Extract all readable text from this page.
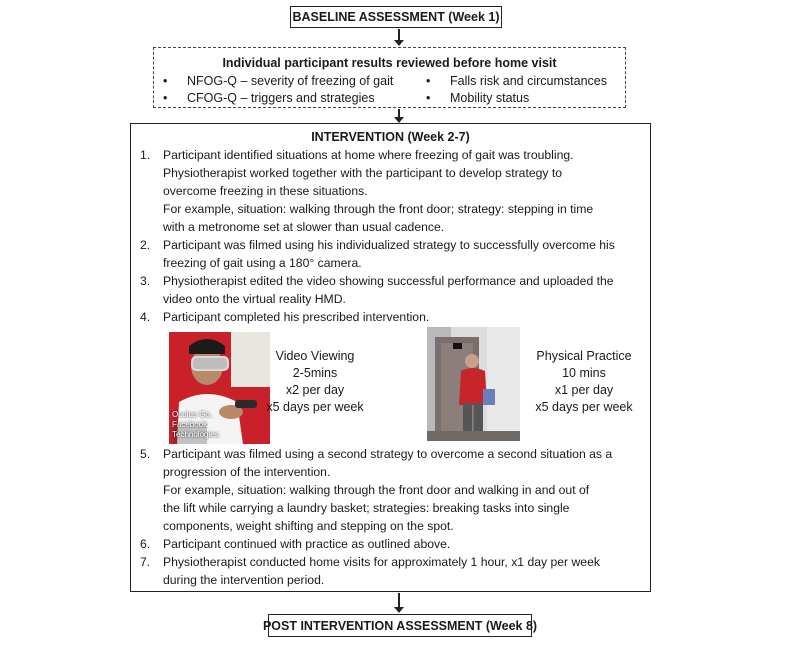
BASELINE ASSESSMENT (Week 1)
Individual participant results reviewed before home visit
• NFOG-Q – severity of freezing of gait
• CFOG-Q – triggers and strategies
• Falls risk and circumstances
• Mobility status
INTERVENTION (Week 2-7)
1. Participant identified situations at home where freezing of gait was troubling.
Physiotherapist worked together with the participant to develop strategy to
overcome freezing in these situations.
For example, situation: walking through the front door; strategy: stepping in time
with a metronome set at slower than usual cadence.
2. Participant was filmed using his individualized strategy to successfully overcome his
freezing of gait using a 180° camera.
3. Physiotherapist edited the video showing successful performance and uploaded the
video onto the virtual reality HMD.
4. Participant completed his prescribed intervention.
Oculus Go,
Facebook
Technologies
Video Viewing
2-5mins
x2 per day
x5 days per week
Physical Practice
10 mins
x1 per day
x5 days per week
5. Participant was filmed using a second strategy to overcome a second situation as a
progression of the intervention.
For example, situation: walking through the front door and walking in and out of
the lift while carrying a laundry basket; strategies: breaking tasks into single
components, weight shifting and stepping on the spot.
6. Participant continued with practice as outlined above.
7. Physiotherapist conducted home visits for approximately 1 hour, x1 day per week
during the intervention period.
POST INTERVENTION ASSESSMENT (Week 8)
